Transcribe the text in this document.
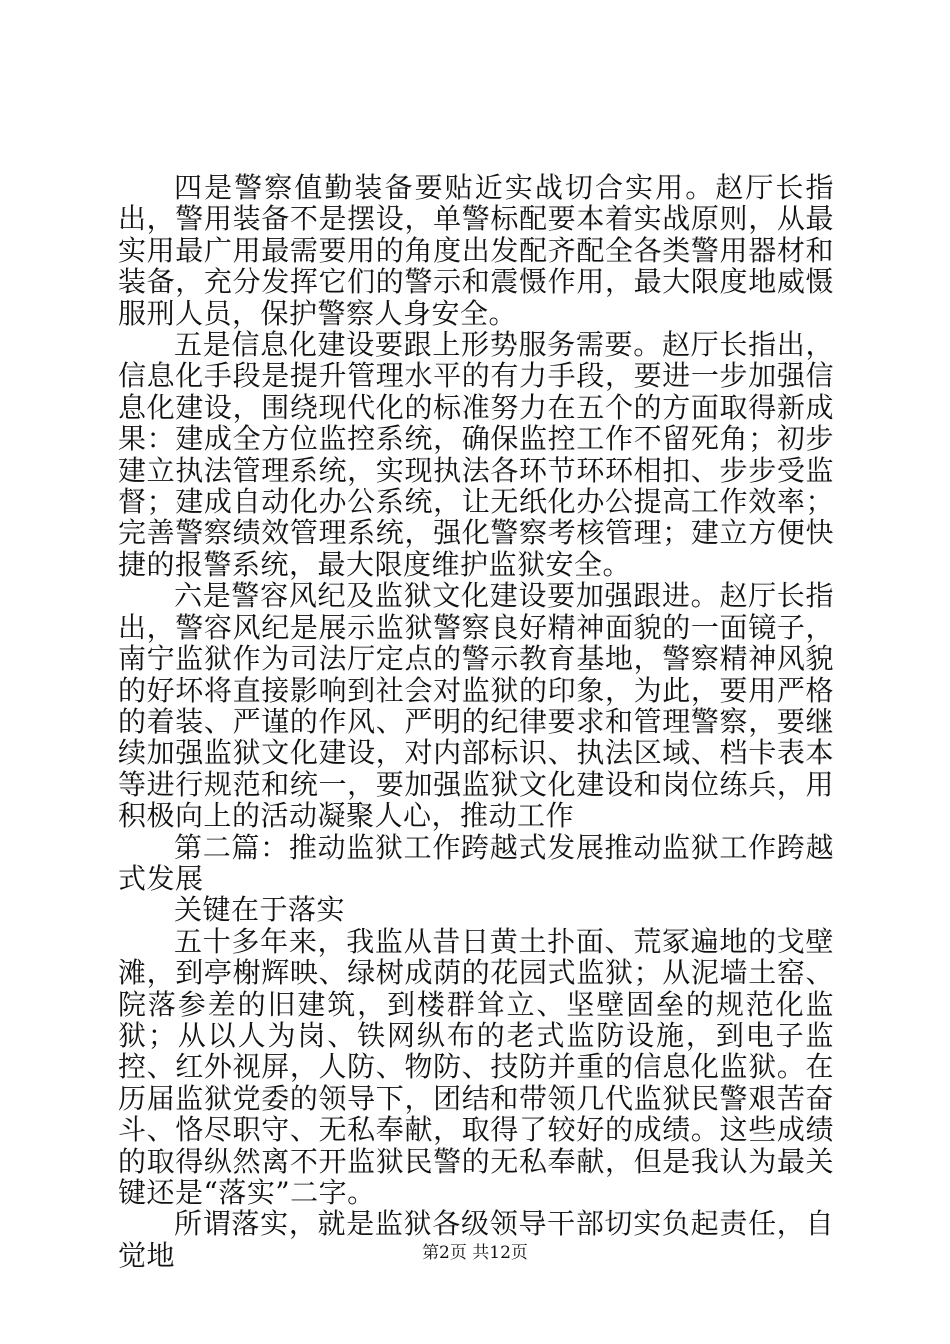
四是警察值勤装备要贴近实战切合实用。赵厅长指出，警用装备不是摆设，单警标配要本着实战原则，从最实用最广用最需要用的角度出发配齐配全各类警用器材和装备，充分发挥它们的警示和震慑作用，最大限度地威慑服刑人员，保护警察人身安全。

五是信息化建设要跟上形势服务需要。赵厅长指出，信息化手段是提升管理水平的有力手段，要进一步加强信息化建设，围绕现代化的标准努力在五个的方面取得新成果：建成全方位监控系统，确保监控工作不留死角；初步建立执法管理系统，实现执法各环节环环相扣、步步受监督；建成自动化办公系统，让无纸化办公提高工作效率；完善警察绩效管理系统，强化警察考核管理；建立方便快捷的报警系统，最大限度维护监狱安全。

六是警容风纪及监狱文化建设要加强跟进。赵厅长指出，警容风纪是展示监狱警察良好精神面貌的一面镜子，南宁监狱作为司法厅定点的警示教育基地，警察精神风貌的好坏将直接影响到社会对监狱的印象，为此，要用严格的着装、严谨的作风、严明的纪律要求和管理警察，要继续加强监狱文化建设，对内部标识、执法区域、档卡表本等进行规范和统一，要加强监狱文化建设和岗位练兵，用积极向上的活动凝聚人心，推动工作

第二篇：推动监狱工作跨越式发展推动监狱工作跨越式发展

关键在于落实

五十多年来，我监从昔日黄土扑面、荒冢遍地的戈壁滩，到亭榭辉映、绿树成荫的花园式监狱；从泥墙土窑、院落参差的旧建筑，到楼群耸立、坚壁固垒的规范化监狱；从以人为岗、铁网纵布的老式监防设施，到电子监控、红外视屏，人防、物防、技防并重的信息化监狱。在历届监狱党委的领导下，团结和带领几代监狱民警艰苦奋斗、恪尽职守、无私奉献，取得了较好的成绩。这些成绩的取得纵然离不开监狱民警的无私奉献，但是我认为最关键还是“落实”二字。

所谓落实，就是监狱各级领导干部切实负起责任，自觉地	第2页 共12页
